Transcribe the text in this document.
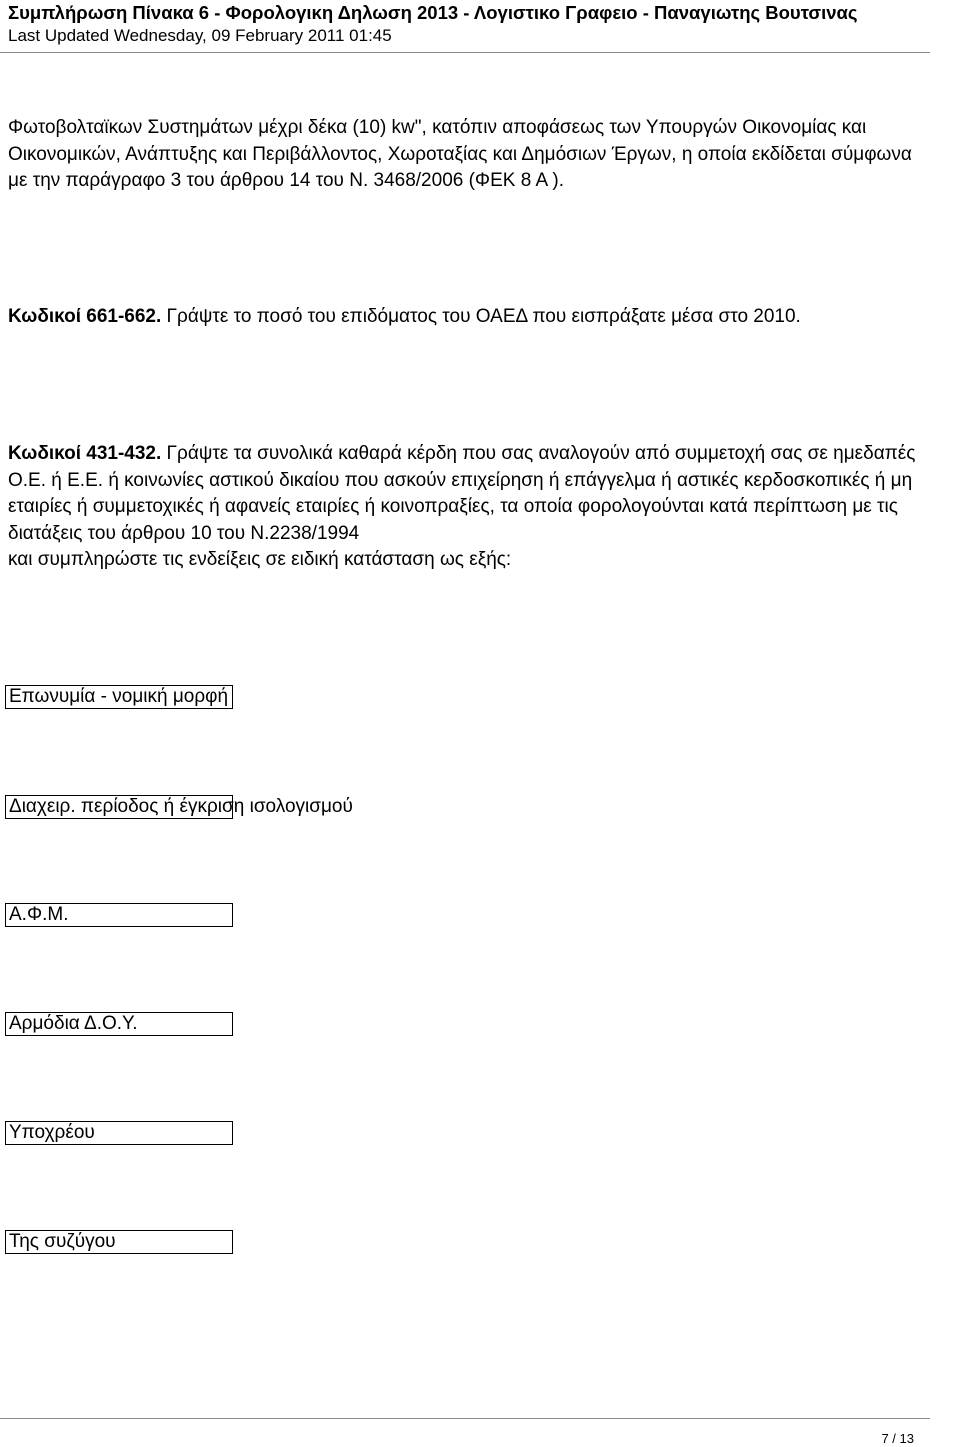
Συμπλήρωση Πίνακα 6 - Φορολογικη Δηλωση 2013 - Λογιστικο Γραφειο - Παναγιωτης Βουτσινας
Last Updated Wednesday, 09 February 2011 01:45
Φωτοβολταϊκων Συστημάτων μέχρι δέκα (10) kw", κατόπιν αποφάσεως των Υπουργών Οικονομίας και Οικονομικών, Ανάπτυξης και Περιβάλλοντος, Χωροταξίας και Δημόσιων Έργων, η οποία εκδίδεται σύμφωνα με την παράγραφο 3 του άρθρου 14 του Ν. 3468/2006 (ΦΕΚ 8 Α ).
Κωδικοί 661-662. Γράψτε το ποσό του επιδόματος του ΟΑΕΔ που εισπράξατε μέσα στο 2010.
Κωδικοί 431-432. Γράψτε τα συνολικά καθαρά κέρδη που σας αναλογούν από συμμετοχή σας σε ημεδαπές Ο.Ε. ή Ε.Ε. ή κοινωνίες αστικού δικαίου που ασκούν επιχείρηση ή επάγγελμα ή αστικές κερδοσκοπικές ή μη εταιρίες ή συμμετοχικές ή αφανείς εταιρίες ή κοινοπραξίες, τα οποία φορολογούνται κατά περίπτωση με τις διατάξεις του άρθρου 10 του Ν.2238/1994
και συμπληρώστε τις ενδείξεις σε ειδική κατάσταση ως εξής:
Επωνυμία - νομική μορφή
Διαχειρ. περίοδος ή έγκριση ισολογισμού
Α.Φ.Μ.
Αρμόδια Δ.Ο.Υ.
Υποχρέου
Της συζύγου
7 / 13
